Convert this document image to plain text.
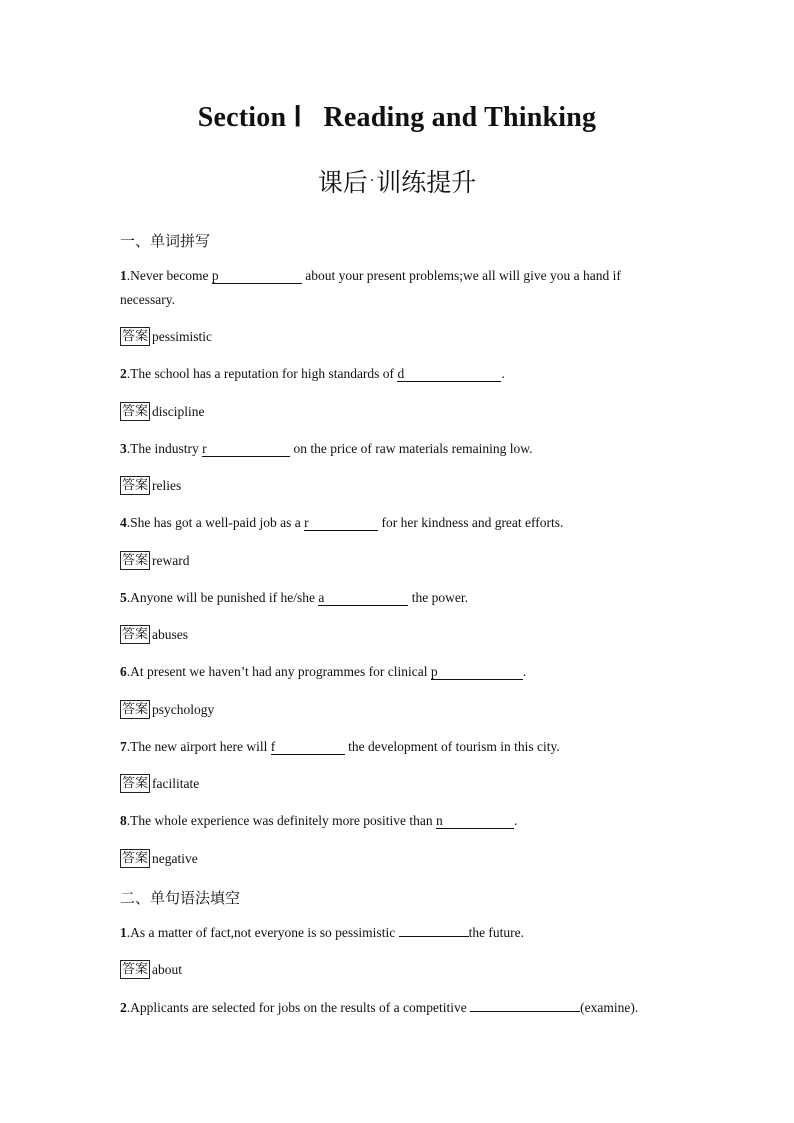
Section Ⅰ   Reading and Thinking
课后 ·训练提升
一、单词拼写
1.Never become p	about your present problems;we all will give you a hand if
necessary.
答案 pessimistic
2.The school has a reputation for high standards of d	.
答案 discipline
3.The industry r	on the price of raw materials remaining low.
答案 relies
4.She has got a well-paid job as a r	for her kindness and great efforts.
答案 reward
5.Anyone will be punished if he/she a	the power.
答案 abuses
6.At present we haven’t had any programmes for clinical p	.
答案 psychology
7.The new airport here will f	the development of tourism in this city.
答案 facilitate
8.The whole experience was definitely more positive than n	.
答案 negative
二、单句语法填空
1.As a matter of fact,not everyone is so pessimistic	the future.
答案 about
2.Applicants are selected for jobs on the results of a competitive	(examine).
